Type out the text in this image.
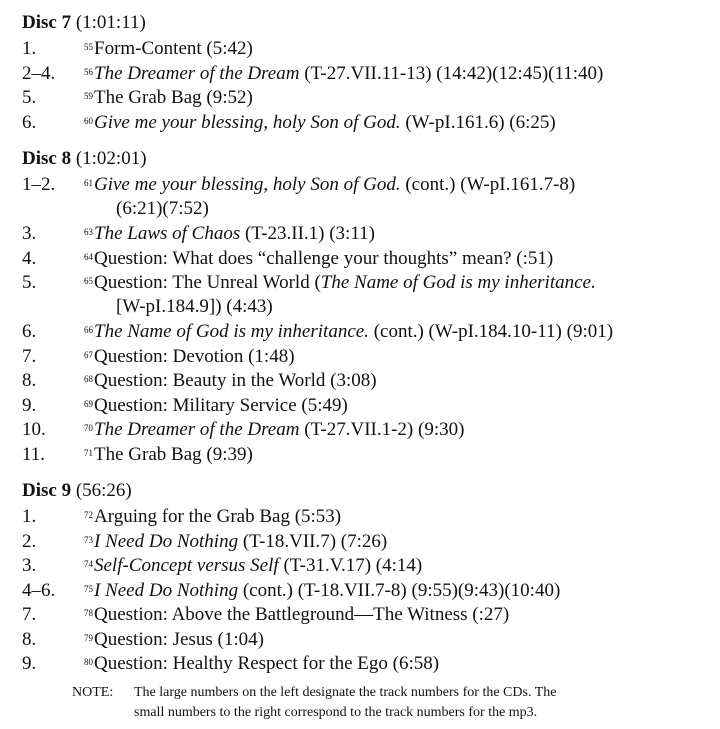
NOTE: The large numbers on the left designate the track numbers for the CDs. The
small numbers to the right correspond to the track numbers for the mp3.
Disc 7 (1:01:11)
1.	$^{55}$Form-Content (5:42)
2–4.	$^{56}$The Dreamer of the Dream (T-27.VII.11-13) (14:42)(12:45)(11:40)
5.	$^{59}$The Grab Bag (9:52)
6.	$^{60}$Give me your blessing, holy Son of God. (W-pI.161.6) (6:25)
Disc 8 (1:02:01)
1–2.	$^{61}$Give me your blessing, holy Son of God. (cont.) (W-pI.161.7-8)
(6:21)(7:52)
3.	$^{63}$The Laws of Chaos (T-23.II.1) (3:11)
4.	$^{64}$Question: What does “challenge your thoughts” mean? (:51)
5.	$^{65}$Question: The Unreal World (The Name of God is my inheritance.
[W-pI.184.9]) (4:43)
6.	$^{66}$The Name of God is my inheritance. (cont.) (W-pI.184.10-11) (9:01)
7.	$^{67}$Question: Devotion (1:48)
8.	$^{68}$Question: Beauty in the World (3:08)
9.	$^{69}$Question: Military Service (5:49)
10.	$^{70}$The Dreamer of the Dream (T-27.VII.1-2) (9:30)
11.	$^{71}$The Grab Bag (9:39)
Disc 9 (56:26)
1.	$^{72}$Arguing for the Grab Bag (5:53)
2.	$^{73}$I Need Do Nothing (T-18.VII.7) (7:26)
3.	$^{74}$Self-Concept versus Self (T-31.V.17) (4:14)
4–6.	$^{75}$I Need Do Nothing (cont.) (T-18.VII.7-8) (9:55)(9:43)(10:40)
7.	$^{78}$Question: Above the Battleground—The Witness (:27)
8.	$^{79}$Question: Jesus (1:04)
9.	$^{80}$Question: Healthy Respect for the Ego (6:58)
